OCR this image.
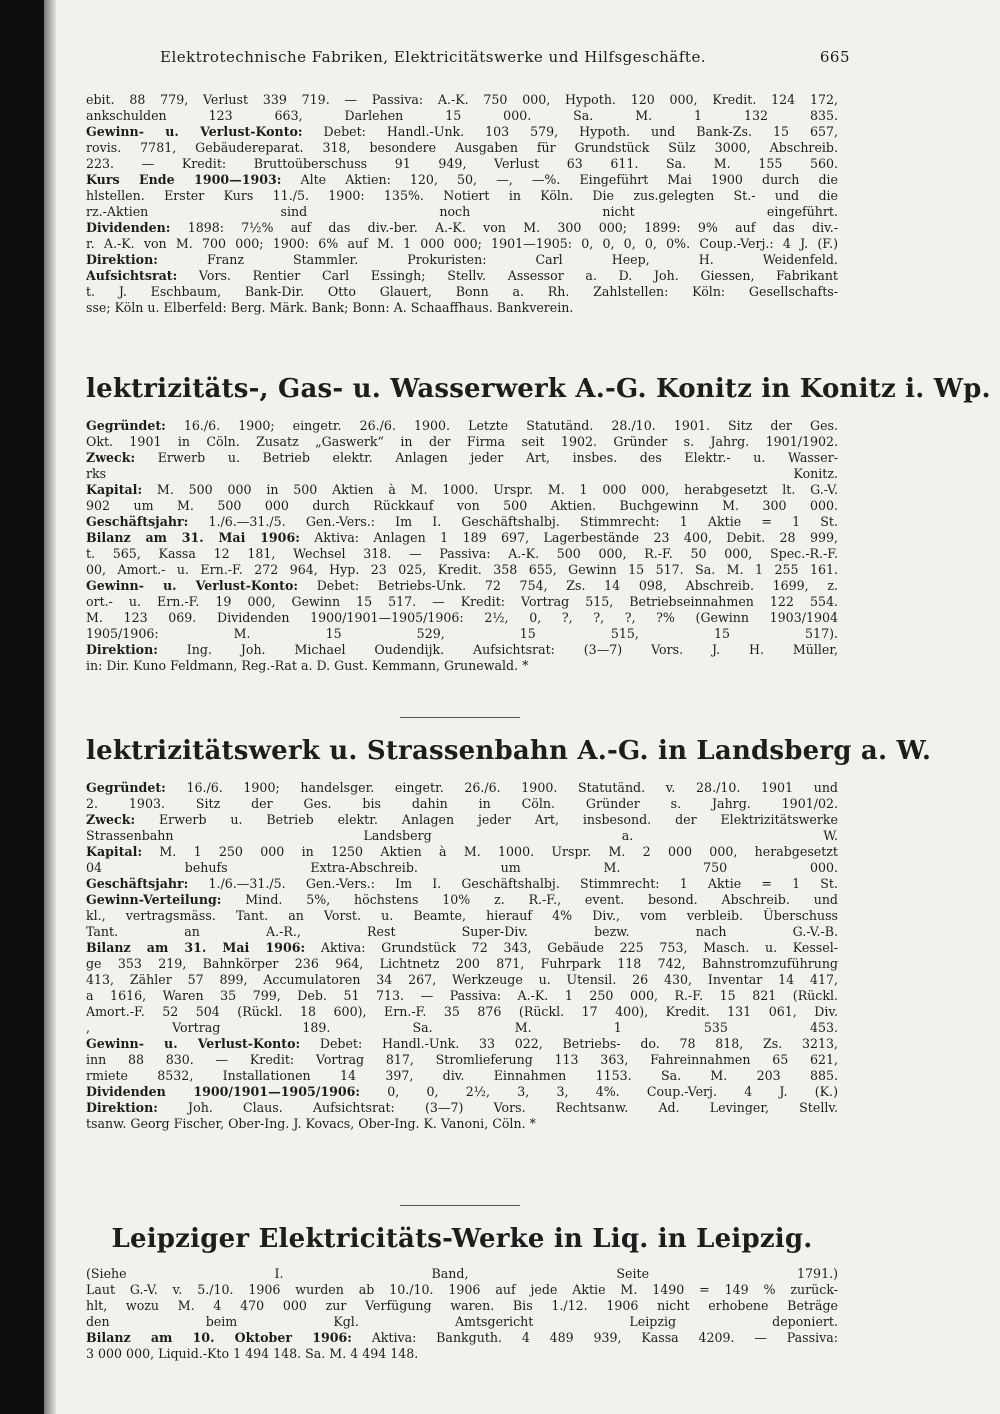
Elektrotechnische Fabriken, Elektricitätswerke und Hilfsgeschäfte.	665

ebit. 88 779, Verlust 339 719. — Passiva: A.-K. 750 000, Hypoth. 120 000, Kredit. 124 172,

ankschulden 123 663, Darlehen 15 000. Sa. M. 1 132 835.

Gewinn- u. Verlust-Konto: Debet: Handl.-Unk. 103 579, Hypoth. und Bank-Zs. 15 657,

rovis. 7781, Gebäudereparat. 318, besondere Ausgaben für Grundstück Sülz 3000, Abschreib.

223. — Kredit: Bruttoüberschuss 91 949, Verlust 63 611. Sa. M. 155 560.

Kurs Ende 1900—1903: Alte Aktien: 120, 50, —, —%. Eingeführt Mai 1900 durch die

hlstellen. Erster Kurs 11./5. 1900: 135%. Notiert in Köln. Die zus.gelegten St.- und die

rz.-Aktien sind noch nicht eingeführt.

Dividenden: 1898: 7½% auf das div.-ber. A.-K. von M. 300 000; 1899: 9% auf das div.-

r. A.-K. von M. 700 000; 1900: 6% auf M. 1 000 000; 1901—1905: 0, 0, 0, 0, 0%. Coup.-Verj.: 4 J. (F.)

Direktion: Franz Stammler. Prokuristen: Carl Heep, H. Weidenfeld.

Aufsichtsrat: Vors. Rentier Carl Essingh; Stellv. Assessor a. D. Joh. Giessen, Fabrikant

t. J. Eschbaum, Bank-Dir. Otto Glauert, Bonn a. Rh. Zahlstellen: Köln: Gesellschafts-

sse; Köln u. Elberfeld: Berg. Märk. Bank; Bonn: A. Schaaffhaus. Bankverein.

lektrizitäts-, Gas- u. Wasserwerk A.-G. Konitz in Konitz i. Wp.

Gegründet: 16./6. 1900; eingetr. 26./6. 1900. Letzte Statutänd. 28./10. 1901. Sitz der Ges.

Okt. 1901 in Cöln. Zusatz „Gaswerk“ in der Firma seit 1902. Gründer s. Jahrg. 1901/1902.

Zweck: Erwerb u. Betrieb elektr. Anlagen jeder Art, insbes. des Elektr.- u. Wasser-

rks Konitz.

Kapital: M. 500 000 in 500 Aktien à M. 1000. Urspr. M. 1 000 000, herabgesetzt lt. G.-V.

902 um M. 500 000 durch Rückkauf von 500 Aktien. Buchgewinn M. 300 000.

Geschäftsjahr: 1./6.—31./5. Gen.-Vers.: Im I. Geschäftshalbj. Stimmrecht: 1 Aktie = 1 St.

Bilanz am 31. Mai 1906: Aktiva: Anlagen 1 189 697, Lagerbestände 23 400, Debit. 28 999,

t. 565, Kassa 12 181, Wechsel 318. — Passiva: A.-K. 500 000, R.-F. 50 000, Spec.-R.-F.

00, Amort.- u. Ern.-F. 272 964, Hyp. 23 025, Kredit. 358 655, Gewinn 15 517. Sa. M. 1 255 161.

Gewinn- u. Verlust-Konto: Debet: Betriebs-Unk. 72 754, Zs. 14 098, Abschreib. 1699, z.

ort.- u. Ern.-F. 19 000, Gewinn 15 517. — Kredit: Vortrag 515, Betriebseinnahmen 122 554.

M. 123 069. Dividenden 1900/1901—1905/1906: 2½, 0, ?, ?, ?, ?% (Gewinn 1903/1904

1905/1906: M. 15 529, 15 515, 15 517).

Direktion: Ing. Joh. Michael Oudendijk. Aufsichtsrat: (3—7) Vors. J. H. Müller,

in: Dir. Kuno Feldmann, Reg.-Rat a. D. Gust. Kemmann, Grunewald. *

lektrizitätswerk u. Strassenbahn A.-G. in Landsberg a. W.

Gegründet: 16./6. 1900; handelsger. eingetr. 26./6. 1900. Statutänd. v. 28./10. 1901 und

2. 1903. Sitz der Ges. bis dahin in Cöln. Gründer s. Jahrg. 1901/02.

Zweck: Erwerb u. Betrieb elektr. Anlagen jeder Art, insbesond. der Elektrizitätswerke

Strassenbahn Landsberg a. W.

Kapital: M. 1 250 000 in 1250 Aktien à M. 1000. Urspr. M. 2 000 000, herabgesetzt

04 behufs Extra-Abschreib. um M. 750 000.

Geschäftsjahr: 1./6.—31./5. Gen.-Vers.: Im I. Geschäftshalbj. Stimmrecht: 1 Aktie = 1 St.

Gewinn-Verteilung: Mind. 5%, höchstens 10% z. R.-F., event. besond. Abschreib. und

kl., vertragsmäss. Tant. an Vorst. u. Beamte, hierauf 4% Div., vom verbleib. Überschuss

Tant. an A.-R., Rest Super-Div. bezw. nach G.-V.-B.

Bilanz am 31. Mai 1906: Aktiva: Grundstück 72 343, Gebäude 225 753, Masch. u. Kessel-

ge 353 219, Bahnkörper 236 964, Lichtnetz 200 871, Fuhrpark 118 742, Bahnstromzuführung

413, Zähler 57 899, Accumulatoren 34 267, Werkzeuge u. Utensil. 26 430, Inventar 14 417,

a 1616, Waren 35 799, Deb. 51 713. — Passiva: A.-K. 1 250 000, R.-F. 15 821 (Rückl.

Amort.-F. 52 504 (Rückl. 18 600), Ern.-F. 35 876 (Rückl. 17 400), Kredit. 131 061, Div.

, Vortrag 189. Sa. M. 1 535 453.

Gewinn- u. Verlust-Konto: Debet: Handl.-Unk. 33 022, Betriebs- do. 78 818, Zs. 3213,

inn 88 830. — Kredit: Vortrag 817, Stromlieferung 113 363, Fahreinnahmen 65 621,

rmiete 8532, Installationen 14 397, div. Einnahmen 1153. Sa. M. 203 885.

Dividenden 1900/1901—1905/1906: 0, 0, 2½, 3, 3, 4%. Coup.-Verj. 4 J. (K.)

Direktion: Joh. Claus. Aufsichtsrat: (3—7) Vors. Rechtsanw. Ad. Levinger, Stellv.

tsanw. Georg Fischer, Ober-Ing. J. Kovacs, Ober-Ing. K. Vanoni, Cöln. *

Leipziger Elektricitäts-Werke in Liq. in Leipzig.

(Siehe I. Band, Seite 1791.)

Laut G.-V. v. 5./10. 1906 wurden ab 10./10. 1906 auf jede Aktie M. 1490 = 149 % zurück-

hlt, wozu M. 4 470 000 zur Verfügung waren. Bis 1./12. 1906 nicht erhobene Beträge

den beim Kgl. Amtsgericht Leipzig deponiert.

Bilanz am 10. Oktober 1906: Aktiva: Bankguth. 4 489 939, Kassa 4209. — Passiva:

3 000 000, Liquid.-Kto 1 494 148. Sa. M. 4 494 148.
